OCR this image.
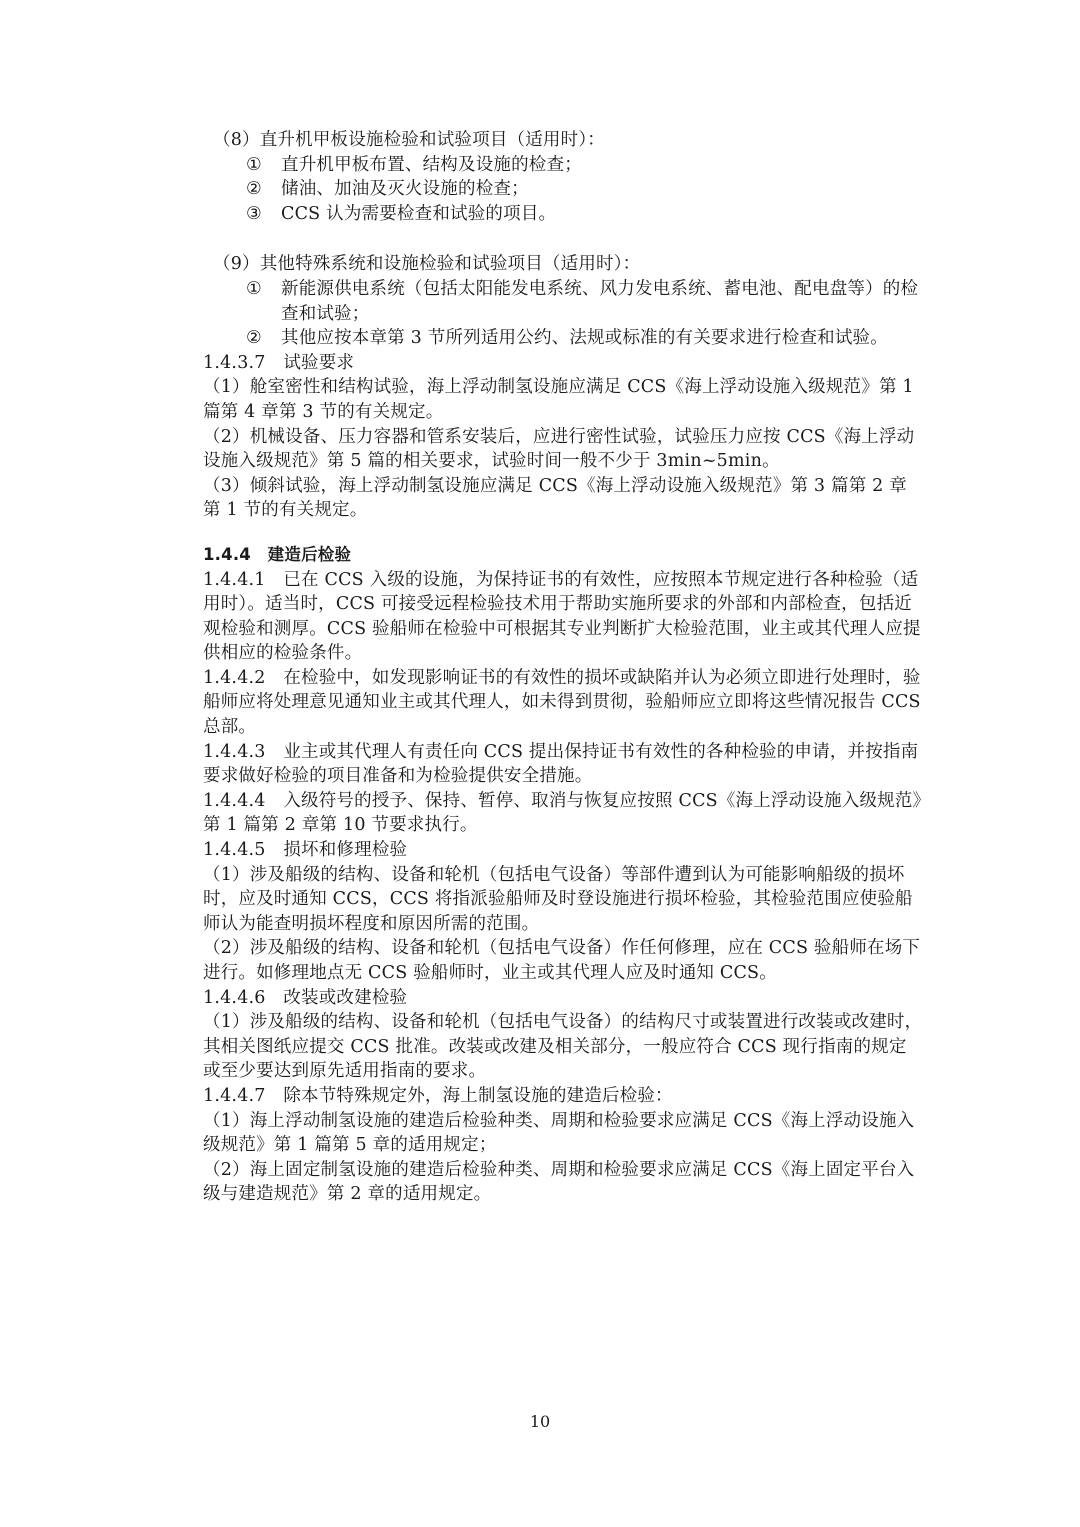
（8）直升机甲板设施检验和试验项目（适用时）：

① 直升机甲板布置、结构及设施的检查；

② 储油、加油及灭火设施的检查；

③ CCS 认为需要检查和试验的项目。

（9）其他特殊系统和设施检验和试验项目（适用时）：

① 新能源供电系统（包括太阳能发电系统、风力发电系统、蓄电池、配电盘等）的检查和试验；

② 其他应按本章第 3 节所列适用公约、法规或标准的有关要求进行检查和试验。

1.4.3.7　试验要求

（1）舱室密性和结构试验，海上浮动制氢设施应满足 CCS《海上浮动设施入级规范》第 1 篇第 4 章第 3 节的有关规定。

（2）机械设备、压力容器和管系安装后，应进行密性试验，试验压力应按 CCS《海上浮动设施入级规范》第 5 篇的相关要求，试验时间一般不少于 3min~5min。

（3）倾斜试验，海上浮动制氢设施应满足 CCS《海上浮动设施入级规范》第 3 篇第 2 章第 1 节的有关规定。

1.4.4　建造后检验

1.4.4.1　已在 CCS 入级的设施，为保持证书的有效性，应按照本节规定进行各种检验（适用时）。适当时，CCS 可接受远程检验技术用于帮助实施所要求的外部和内部检查，包括近观检验和测厚。CCS 验船师在检验中可根据其专业判断扩大检验范围，业主或其代理人应提供相应的检验条件。

1.4.4.2　在检验中，如发现影响证书的有效性的损坏或缺陷并认为必须立即进行处理时，验船师应将处理意见通知业主或其代理人，如未得到贯彻，验船师应立即将这些情况报告 CCS 总部。

1.4.4.3　业主或其代理人有责任向 CCS 提出保持证书有效性的各种检验的申请，并按指南要求做好检验的项目准备和为检验提供安全措施。

1.4.4.4　入级符号的授予、保持、暂停、取消与恢复应按照 CCS《海上浮动设施入级规范》第 1 篇第 2 章第 10 节要求执行。

1.4.4.5　损坏和修理检验

（1）涉及船级的结构、设备和轮机（包括电气设备）等部件遭到认为可能影响船级的损坏时，应及时通知 CCS，CCS 将指派验船师及时登设施进行损坏检验，其检验范围应使验船师认为能查明损坏程度和原因所需的范围。

（2）涉及船级的结构、设备和轮机（包括电气设备）作任何修理，应在 CCS 验船师在场下进行。如修理地点无 CCS 验船师时，业主或其代理人应及时通知 CCS。

1.4.4.6　改装或改建检验

（1）涉及船级的结构、设备和轮机（包括电气设备）的结构尺寸或装置进行改装或改建时，其相关图纸应提交 CCS 批准。改装或改建及相关部分，一般应符合 CCS 现行指南的规定或至少要达到原先适用指南的要求。

1.4.4.7　除本节特殊规定外，海上制氢设施的建造后检验：

（1）海上浮动制氢设施的建造后检验种类、周期和检验要求应满足 CCS《海上浮动设施入级规范》第 1 篇第 5 章的适用规定；

（2）海上固定制氢设施的建造后检验种类、周期和检验要求应满足 CCS《海上固定平台入级与建造规范》第 2 章的适用规定。

10
